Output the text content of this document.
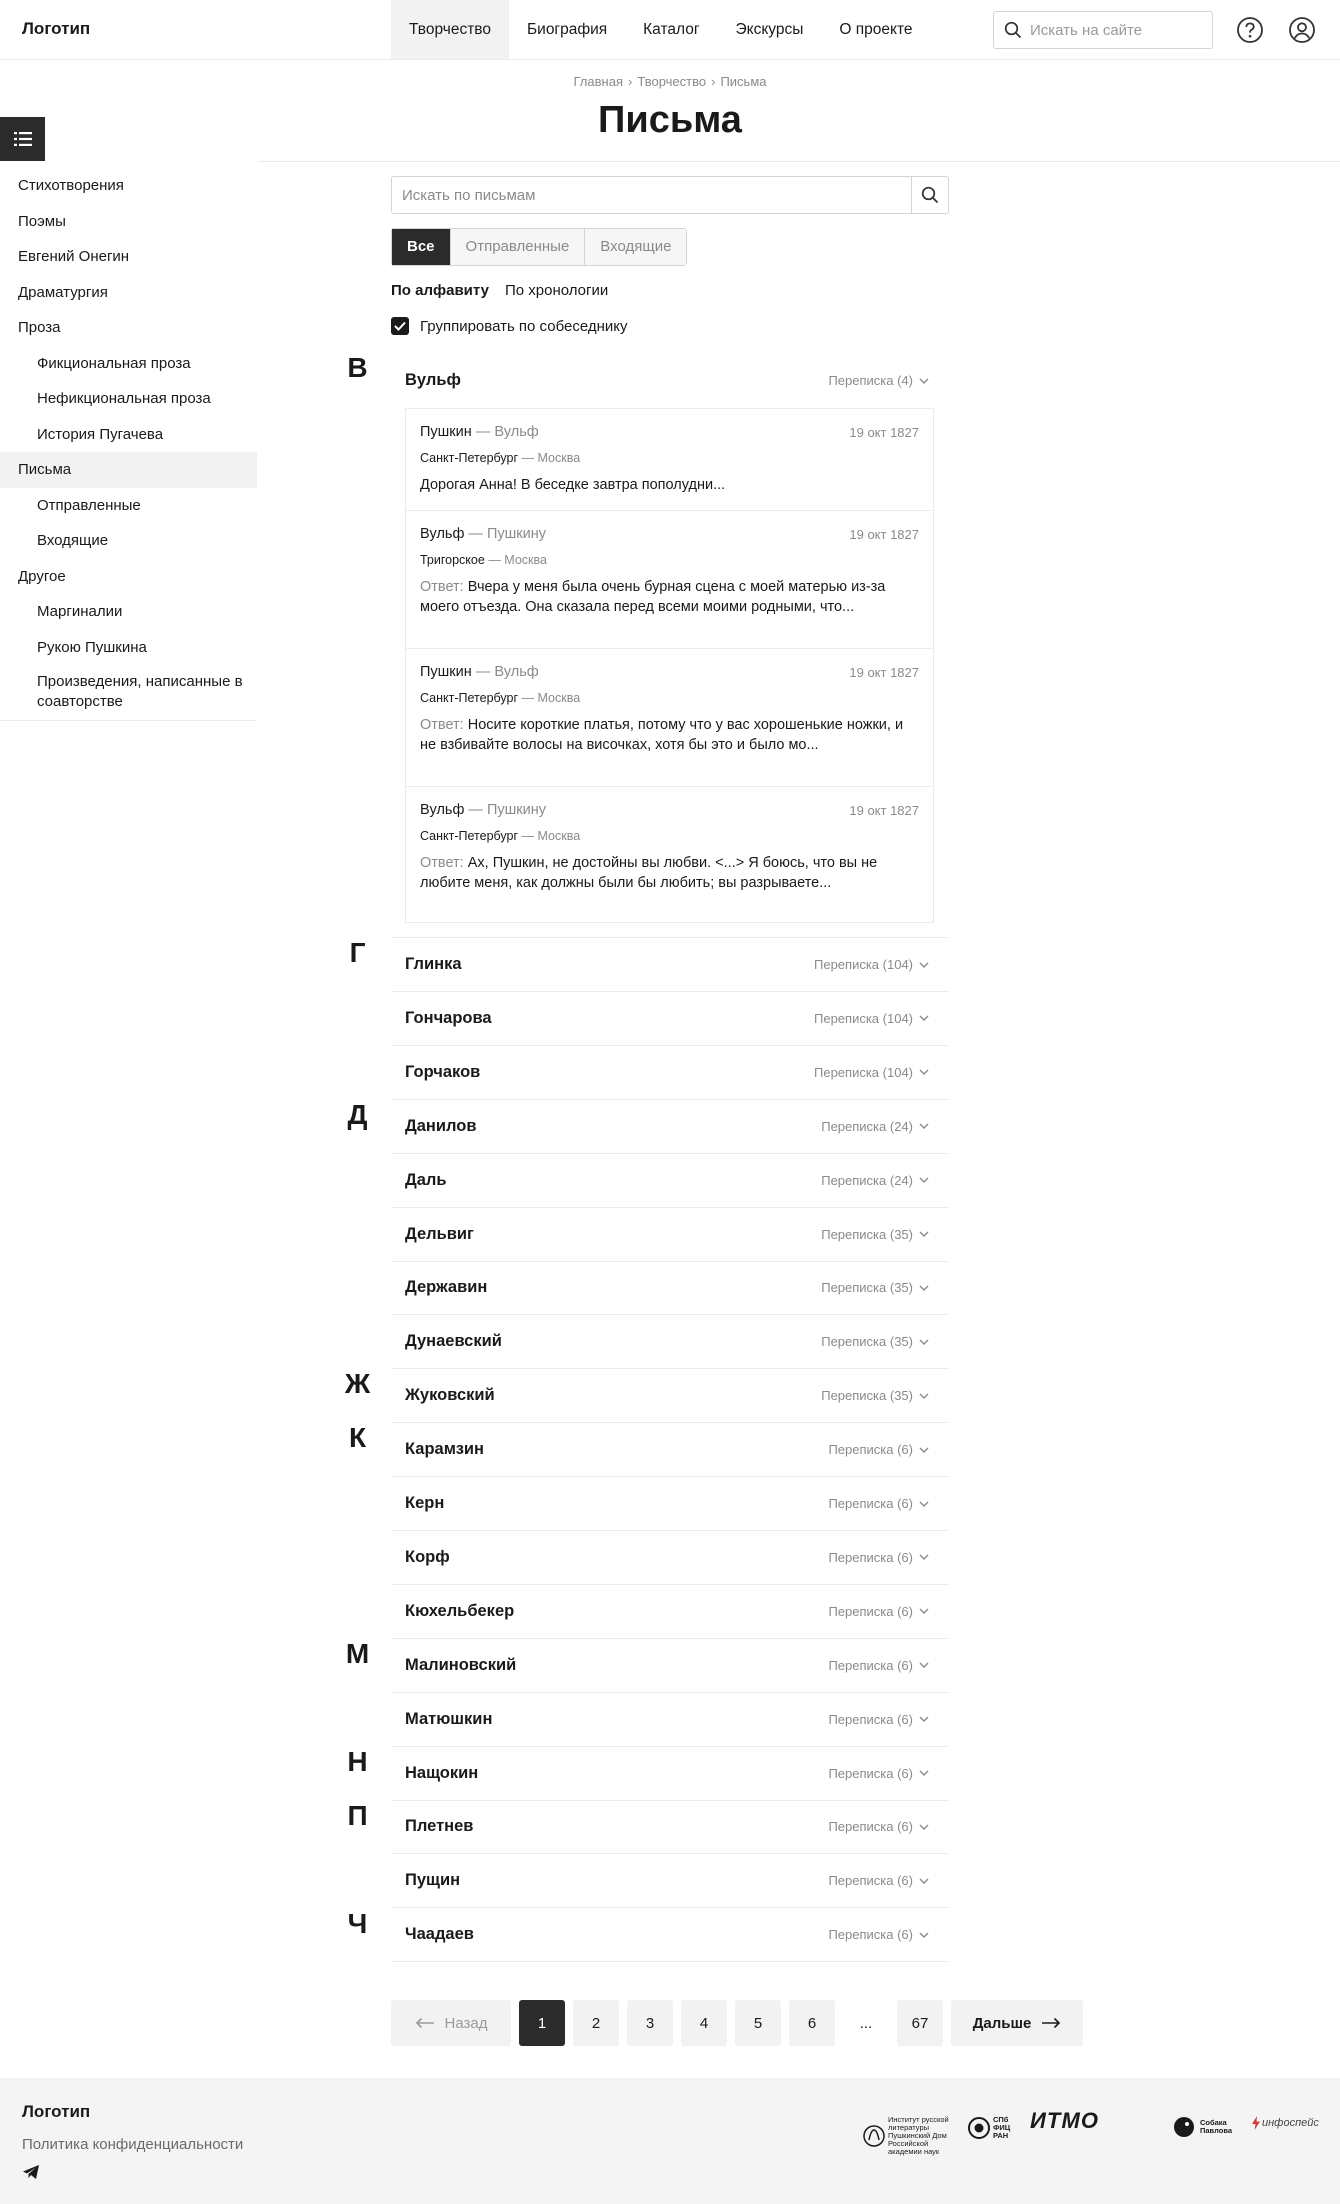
Логотип	Творчество	Биография	Каталог	Экскурсы	О проекте
Искать на сайте
Главная › Творчество › Письма
Письма
Стихотворения
Поэмы
Евгений Онегин
Драматургия
Проза
Фикциональная проза
Нефикциональная проза
История Пугачева
Письма
Отправленные
Входящие
Другое
Маргиналии
Рукою Пушкина
Произведения, написанные в соавторстве
Искать по письмам
Все	Отправленные	Входящие
По алфавиту По хронологии
Группировать по собеседнику
В
Г
Д
Ж
К
М
Н
П
Ч
Вульф	Переписка (4)
Пушкин — Вульф	19 окт 1827
Санкт-Петербург — Москва
Дорогая Анна! В беседке завтра пополудни...
Вульф — Пушкину	19 окт 1827
Тригорское — Москва
Ответ: Вчера у меня была очень бурная сцена с моей матерью из-за моего отъезда. Она сказала перед всеми моими родными, что...
Пушкин — Вульф	19 окт 1827
Санкт-Петербург — Москва
Ответ: Носите короткие платья, потому что у вас хорошенькие ножки, и не взбивайте волосы на височках, хотя бы это и было мо...
Вульф — Пушкину	19 окт 1827
Санкт-Петербург — Москва
Ответ: Ах, Пушкин, не достойны вы любви. <...> Я боюсь, что вы не любите меня, как должны были бы любить; вы разрываете...
Глинка	Переписка (104)
Гончарова	Переписка (104)
Горчаков	Переписка (104)
Данилов	Переписка (24)
Даль	Переписка (24)
Дельвиг	Переписка (35)
Державин	Переписка (35)
Дунаевский	Переписка (35)
Жуковский	Переписка (35)
Карамзин	Переписка (6)
Керн	Переписка (6)
Корф	Переписка (6)
Кюхельбекер	Переписка (6)
Малиновский	Переписка (6)
Матюшкин	Переписка (6)
Нащокин	Переписка (6)
Плетнев	Переписка (6)
Пущин	Переписка (6)
Чаадаев	Переписка (6)
Назад	1	2	3	4	5	6	...	67	Дальше
Логотип
Политика конфиденциальности
Институт русской литературы Пушкинский Дом Российской академии наук
СПб ФИЦ РАН
ИТМО	Собака Павлова
инфоспейс
